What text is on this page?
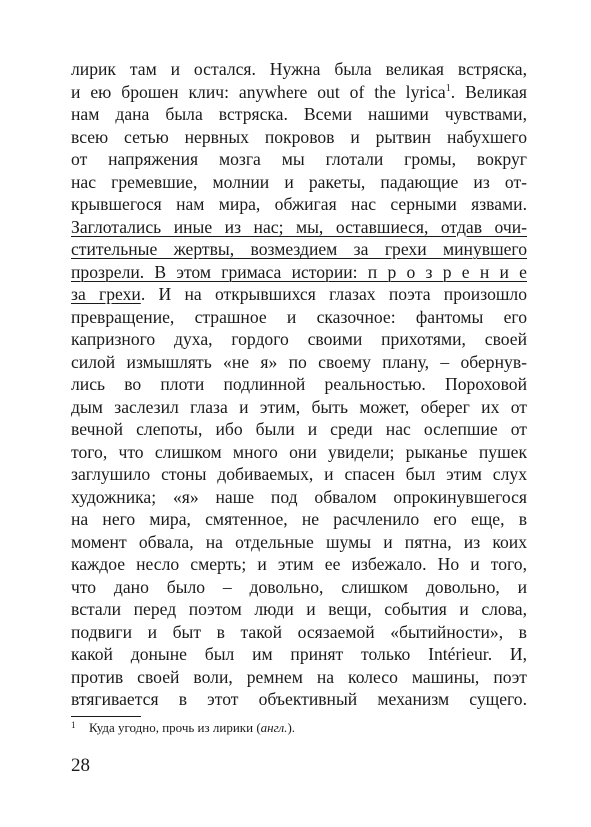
лирик там и остался. Нужна была великая встряска,
и ею брошен клич: anywhere out of the lyrica$^1$. Великая
нам дана была встряска. Всеми нашими чувствами,
всею сетью нервных покровов и рытвин набухшего
от напряжения мозга мы глотали громы, вокруг
нас гремевшие, молнии и ракеты, падающие из от-
крывшегося нам мира, обжигая нас серными язвами.
Заглотались иные из нас; мы, оставшиеся, отдав очи-
стительные жертвы, возмездием за грехи минувшего
прозрели. В этом гримаса истории: п р о з р е н и е
за грехи. И на открывшихся глазах поэта произошло
превращение, страшное и сказочное: фантомы его
капризного духа, гордого своими прихотями, своей
силой измышлять «не я» по своему плану, – обернув-
лись во плоти подлинной реальностью. Пороховой
дым заслезил глаза и этим, быть может, оберег их от
вечной слепоты, ибо были и среди нас ослепшие от
того, что слишком много они увидели; рыканье пушек
заглушило стоны добиваемых, и спасен был этим слух
художника; «я» наше под обвалом опрокинувшегося
на него мира, смятенное, не расчленило его еще, в
момент обвала, на отдельные шумы и пятна, из коих
каждое несло смерть; и этим ее избежало. Но и того,
что дано было – довольно, слишком довольно, и
встали перед поэтом люди и вещи, события и слова,
подвиги и быт в такой осязаемой «бытийности», в
какой доныне был им принят только Intérieur. И,
против своей воли, ремнем на колесо машины, поэт
втягивается в этот объективный механизм сущего.
1 Куда угодно, прочь из лирики (англ.).
28
